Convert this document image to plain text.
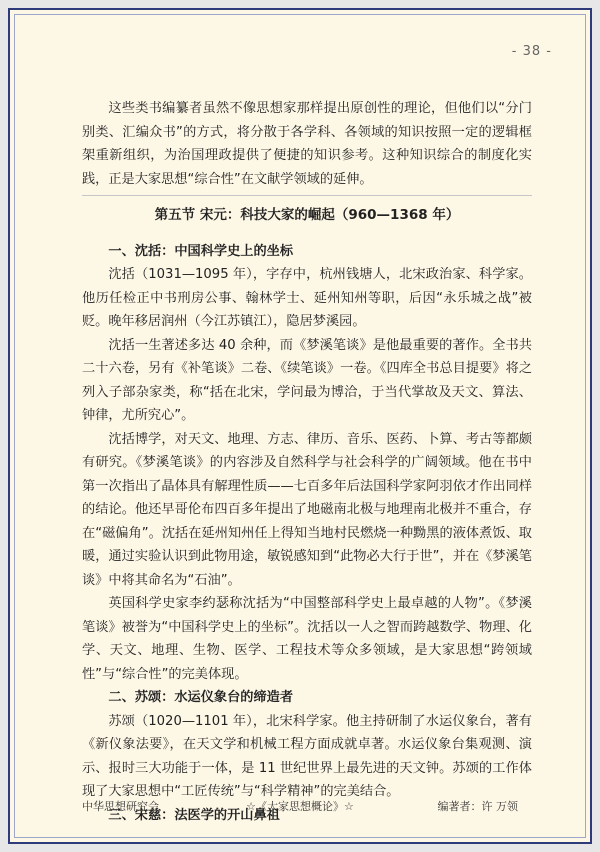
- 38 -

这些类书编纂者虽然不像思想家那样提出原创性的理论，但他们以“分门别类、汇编众书”的方式，将分散于各学科、各领域的知识按照一定的逻辑框架重新组织，为治国理政提供了便捷的知识参考。这种知识综合的制度化实践，正是大家思想“综合性”在文献学领域的延伸。

第五节 宋元：科技大家的崛起（960—1368 年）

一、沈括：中国科学史上的坐标

沈括（1031—1095 年），字存中，杭州钱塘人，北宋政治家、科学家。他历任检正中书刑房公事、翰林学士、延州知州等职，后因“永乐城之战”被贬。晚年移居润州（今江苏镇江），隐居梦溪园。

沈括一生著述多达 40 余种，而《梦溪笔谈》是他最重要的著作。全书共二十六卷，另有《补笔谈》二卷、《续笔谈》一卷。《四库全书总目提要》将之列入子部杂家类，称“括在北宋，学问最为博洽，于当代掌故及天文、算法、钟律，尤所究心”。

沈括博学，对天文、地理、方志、律历、音乐、医药、卜算、考古等都颇有研究。《梦溪笔谈》的内容涉及自然科学与社会科学的广阔领域。他在书中第一次指出了晶体具有解理性质——七百多年后法国科学家阿羽依才作出同样的结论。他还早哥伦布四百多年提出了地磁南北极与地理南北极并不重合，存在“磁偏角”。沈括在延州知州任上得知当地村民燃烧一种黝黑的液体煮饭、取暖，通过实验认识到此物用途，敏锐感知到“此物必大行于世”，并在《梦溪笔谈》中将其命名为“石油”。

英国科学史家李约瑟称沈括为“中国整部科学史上最卓越的人物”。《梦溪笔谈》被誉为“中国科学史上的坐标”。沈括以一人之智而跨越数学、物理、化学、天文、地理、生物、医学、工程技术等众多领域，是大家思想“跨领域性”与“综合性”的完美体现。

二、苏颂：水运仪象台的缔造者

苏颂（1020—1101 年），北宋科学家。他主持研制了水运仪象台，著有《新仪象法要》，在天文学和机械工程方面成就卓著。水运仪象台集观测、演示、报时三大功能于一体，是 11 世纪世界上最先进的天文钟。苏颂的工作体现了大家思想中“工匠传统”与“科学精神”的完美结合。

三、宋慈：法医学的开山鼻祖

中华思想研究会	☆《大家思想概论》☆	编著者：许 万领
